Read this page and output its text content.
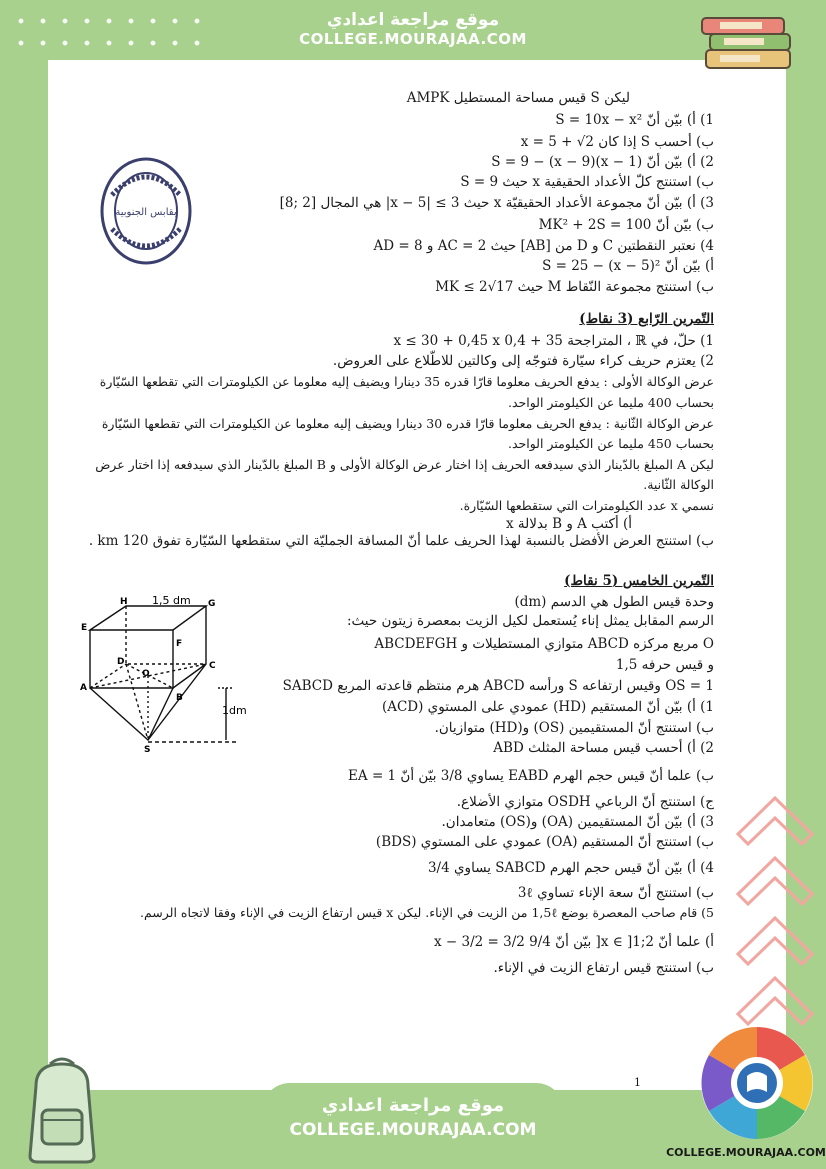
موقع مراجعة اعدادي
COLLEGE.MOURAJAA.COM
موقع مراجعة اعدادي
COLLEGE.MOURAJAA.COM
COLLEGE.MOURAJAA.COM
بقابس الجنوبية
1,5 dm
1dm
H	G
E
F
D
O
C
A
B
S
ليكن S قيس مساحة المستطيل AMPK
1) أ) بيّن أنّ S = 10x − x²
ب) أحسب S إذا كان x = 5 + √2
2) أ) بيّن أنّ S = 9 − (x − 9)(x − 1)
ب) استنتج كلّ الأعداد الحقيقية x حيث S = 9
3) أ) بيّن أنّ مجموعة الأعداد الحقيقيّة x حيث 3 ≥ |x − 5| هي المجال [2 ;8]
ب) بيّن أنّ MK² + 2S = 100
4) نعتبر النقطتين C و D من [AB] حيث AC = 2 و AD = 8
أ) بيّن أنّ S = 25 − (x − 5)²
ب) استنتج مجموعة النّقاط M حيث MK ≤ 2√17
التّمرين الرّابع (3 نقاط)
1) حلّ، في ℝ ، المتراجحة 35 + 0,4 x ≤ 30 + 0,45 x
2) يعتزم حريف كراء سيّارة فتوجّه إلى وكالتين للاطّلاع على العروض.
عرض الوكالة الأولى : يدفع الحريف معلوما قارّا قدره 35 دينارا ويضيف إليه معلوما عن الكيلومترات التي تقطعها السّيّارة
بحساب 400 مليما عن الكيلومتر الواحد.
عرض الوكالة الثّانية : يدفع الحريف معلوما قارّا قدره 30 دينارا ويضيف إليه معلوما عن الكيلومترات التي تقطعها السّيّارة
بحساب 450 مليما عن الكيلومتر الواحد.
ليكن A المبلغ بالدّينار الذي سيدفعه الحريف إذا اختار عرض الوكالة الأولى و B المبلغ بالدّينار الذي سيدفعه إذا اختار عرض
الوكالة الثّانية.
نسمي x عدد الكيلومترات التي ستقطعها السّيّارة.
أ) أكتب A و B بدلالة x
ب) استنتج العرض الأفضل بالنسبة لهذا الحريف علما أنّ المسافة الجمليّة التي ستقطعها السّيّارة تفوق 120 km .
التّمرين الخامس (5 نقاط)
وحدة قيس الطول هي الدسم (dm)
الرسم المقابل يمثل إناء يُستعمل لكيل الزيت بمعصرة زيتون حيث:
ABCDEFGH متوازي المستطيلات و ABCD مربع مركزه O
و قيس حرفه 1,5
SABCD هرم منتظم قاعدته المربع ABCD ورأسه S وقيس ارتفاعه OS = 1
1) أ) بيّن أنّ المستقيم (HD) عمودي على المستوي (ACD)
ب) استنتج أنّ المستقيمين (OS) و(HD) متوازيان.
2) أ) أحسب قيس مساحة المثلث ABD
ب) علما أنّ قيس حجم الهرم EABD يساوي 3/8 بيّن أنّ EA = 1
ج) استنتج أنّ الرباعي OSDH متوازي الأضلاع.
3) أ) بيّن أنّ المستقيمين (OA) و(OS) متعامدان.
ب) استنتج أنّ المستقيم (OA) عمودي على المستوي (BDS)
4) أ) بيّن أنّ قيس حجم الهرم SABCD يساوي 3/4
ب) استنتج أنّ سعة الإناء تساوي 3ℓ
5) قام صاحب المعصرة بوضع 1,5ℓ من الزيت في الإناء. ليكن x قيس ارتفاع الزيت في الإناء وفقا لاتجاه الرسم.
أ) علما أنّ x ∈ ]1;2[ بيّن أنّ 9/4 x − 3/2 = 3/2
ب) استنتج قيس ارتفاع الزيت في الإناء.
1
